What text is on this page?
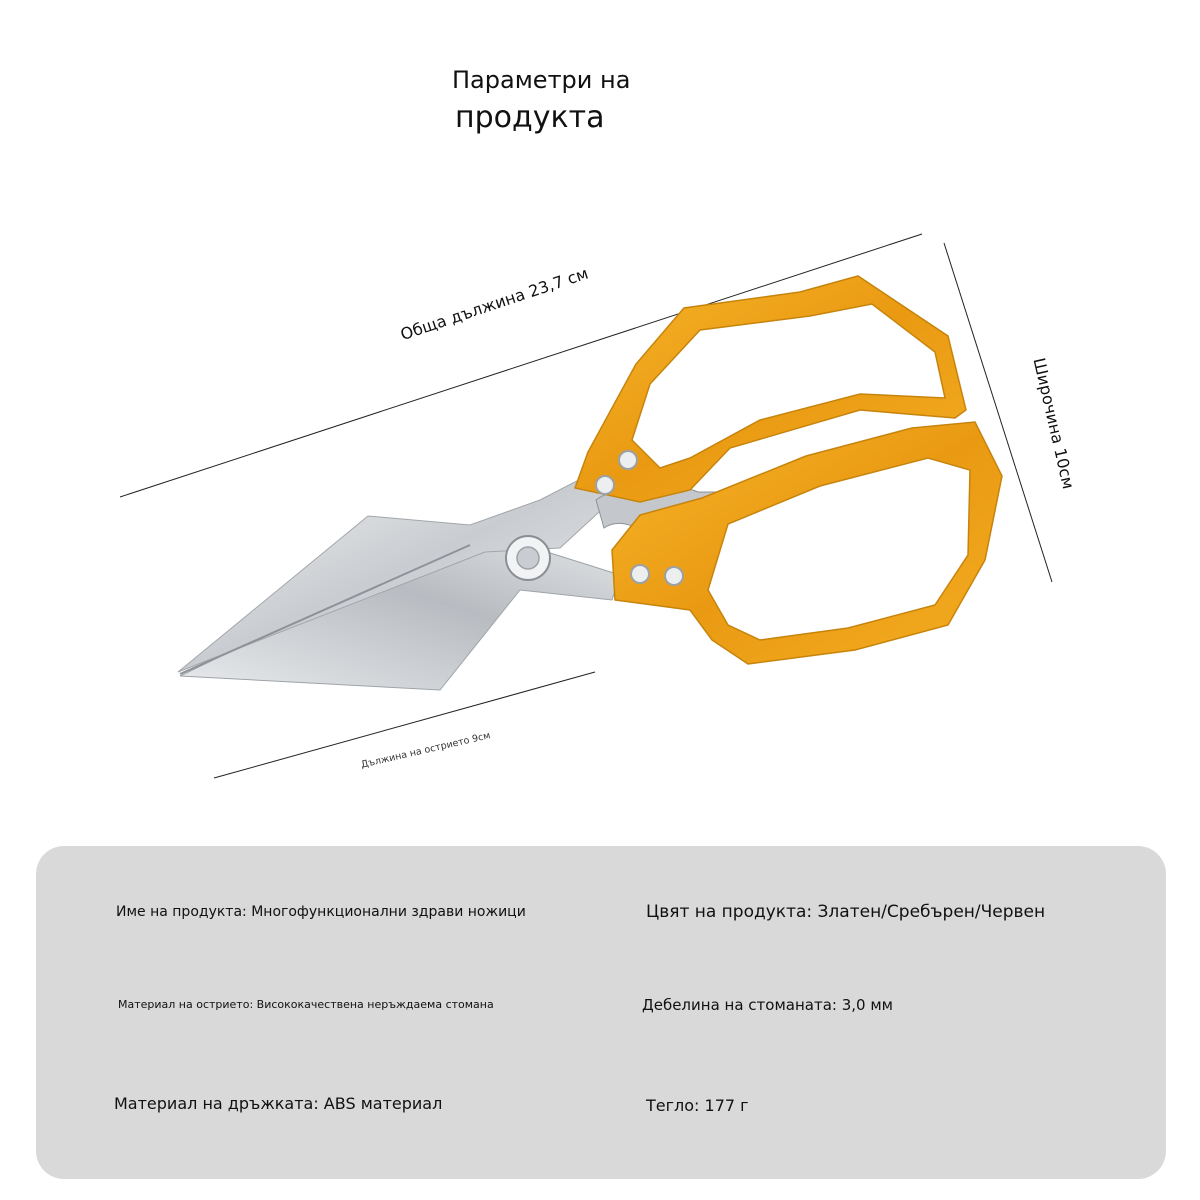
Параметри на
продукта
Обща дължина 23,7 см
Широчина 10см
Дължина на острието 9см
Име на продукта: Многофункционални здрави ножици	Цвят на продукта: Златен/Сребърен/Червен
Материал на острието: Висококачествена неръждаема стомана	Дебелина на стоманата: 3,0 мм
Материал на дръжката: ABS материал	Тегло: 177 г
